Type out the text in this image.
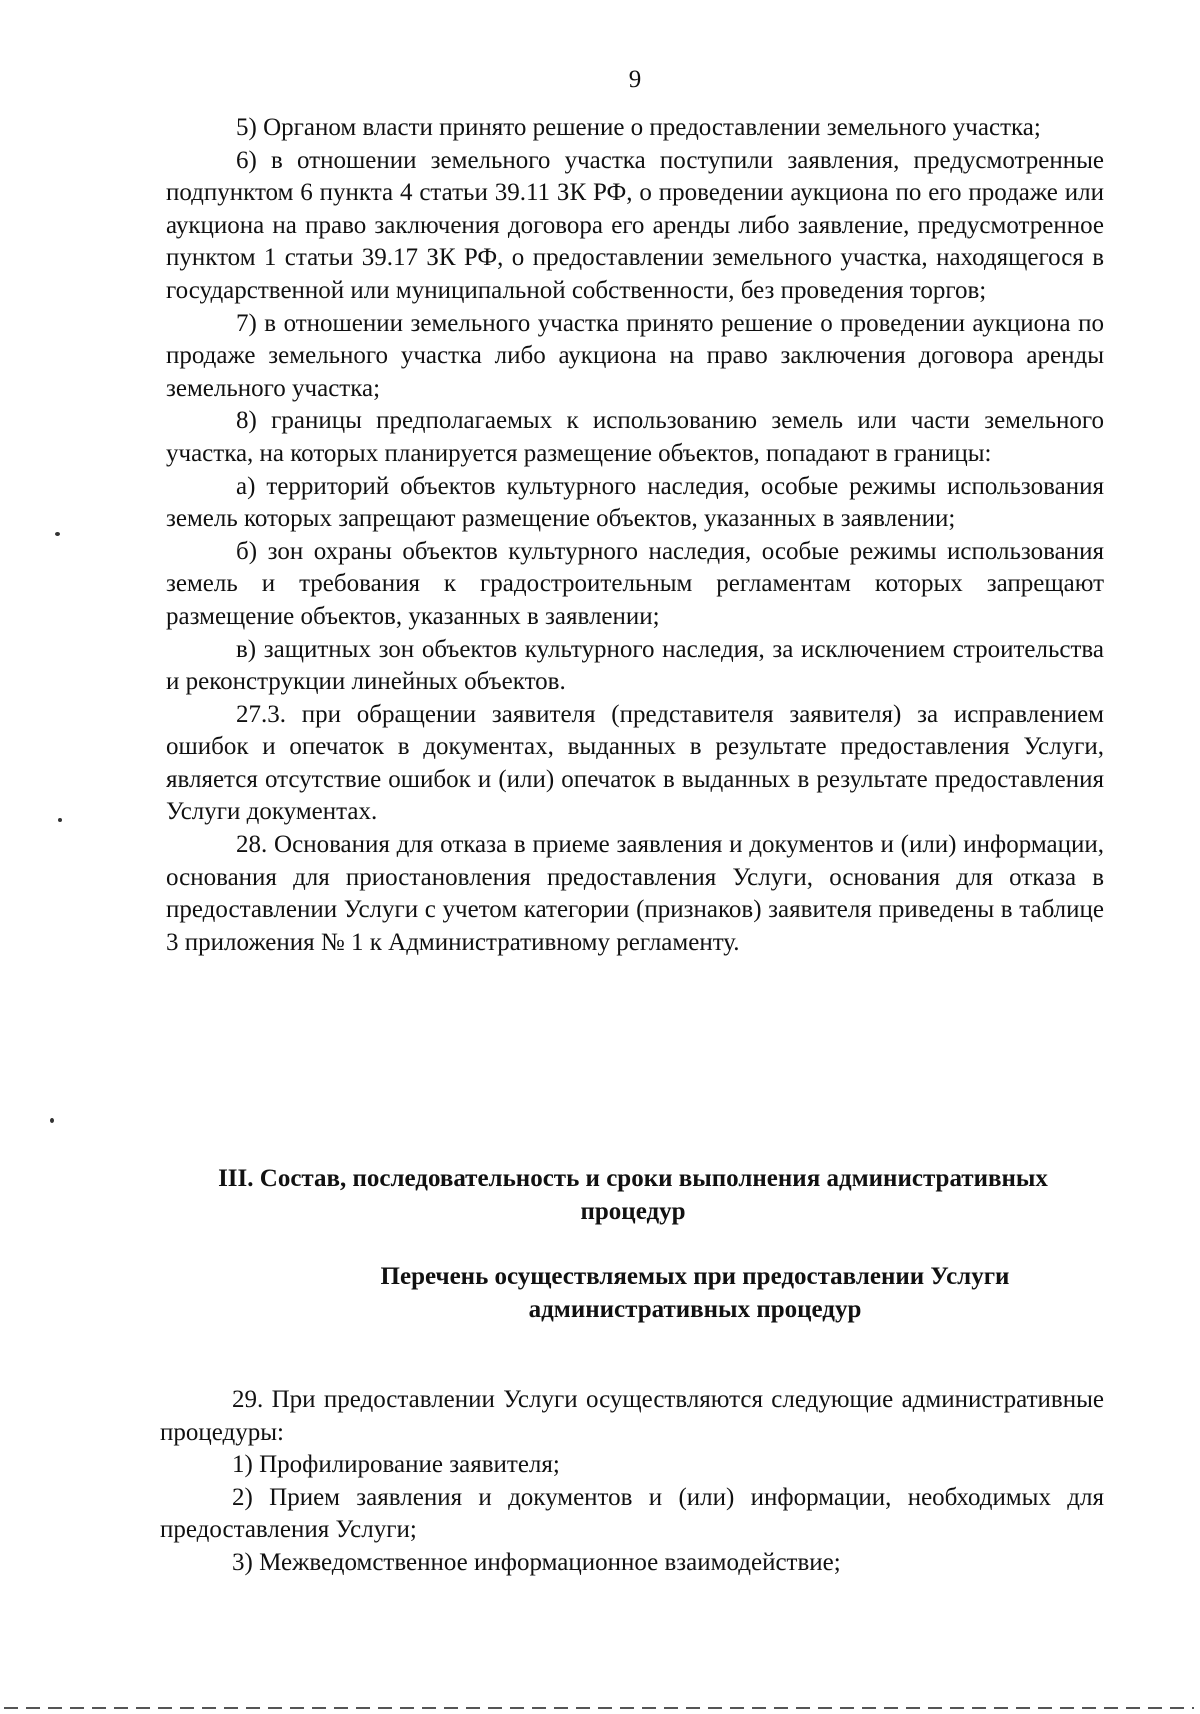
9

5) Органом власти принято решение о предоставлении земельного участка;

6) в отношении земельного участка поступили заявления, предусмотренные подпунктом 6 пункта 4 статьи 39.11 ЗК РФ, о проведении аукциона по его продаже или аукциона на право заключения договора его аренды либо заявление, предусмотренное пунктом 1 статьи 39.17 ЗК РФ, о предоставлении земельного участка, находящегося в государственной или муниципальной собственности, без проведения торгов;

7) в отношении земельного участка принято решение о проведении аукциона по продаже земельного участка либо аукциона на право заключения договора аренды земельного участка;

8) границы предполагаемых к использованию земель или части земельного участка, на которых планируется размещение объектов, попадают в границы:

а) территорий объектов культурного наследия, особые режимы использования земель которых запрещают размещение объектов, указанных в заявлении;

б) зон охраны объектов культурного наследия, особые режимы использования земель и требования к градостроительным регламентам которых запрещают размещение объектов, указанных в заявлении;

в) защитных зон объектов культурного наследия, за исключением строительства и реконструкции линейных объектов.

27.3. при обращении заявителя (представителя заявителя) за исправлением ошибок и опечаток в документах, выданных в результате предоставления Услуги, является отсутствие ошибок и (или) опечаток в выданных в результате предоставления Услуги документах.

28. Основания для отказа в приеме заявления и документов и (или) информации, основания для приостановления предоставления Услуги, основания для отказа в предоставлении Услуги с учетом категории (признаков) заявителя приведены в таблице 3 приложения № 1 к Административному регламенту.

III. Состав, последовательность и сроки выполнения административных
процедур
Перечень осуществляемых при предоставлении Услуги
административных процедур

29. При предоставлении Услуги осуществляются следующие административные процедуры:

1) Профилирование заявителя;

2) Прием заявления и документов и (или) информации, необходимых для предоставления Услуги;

3) Межведомственное информационное взаимодействие;
